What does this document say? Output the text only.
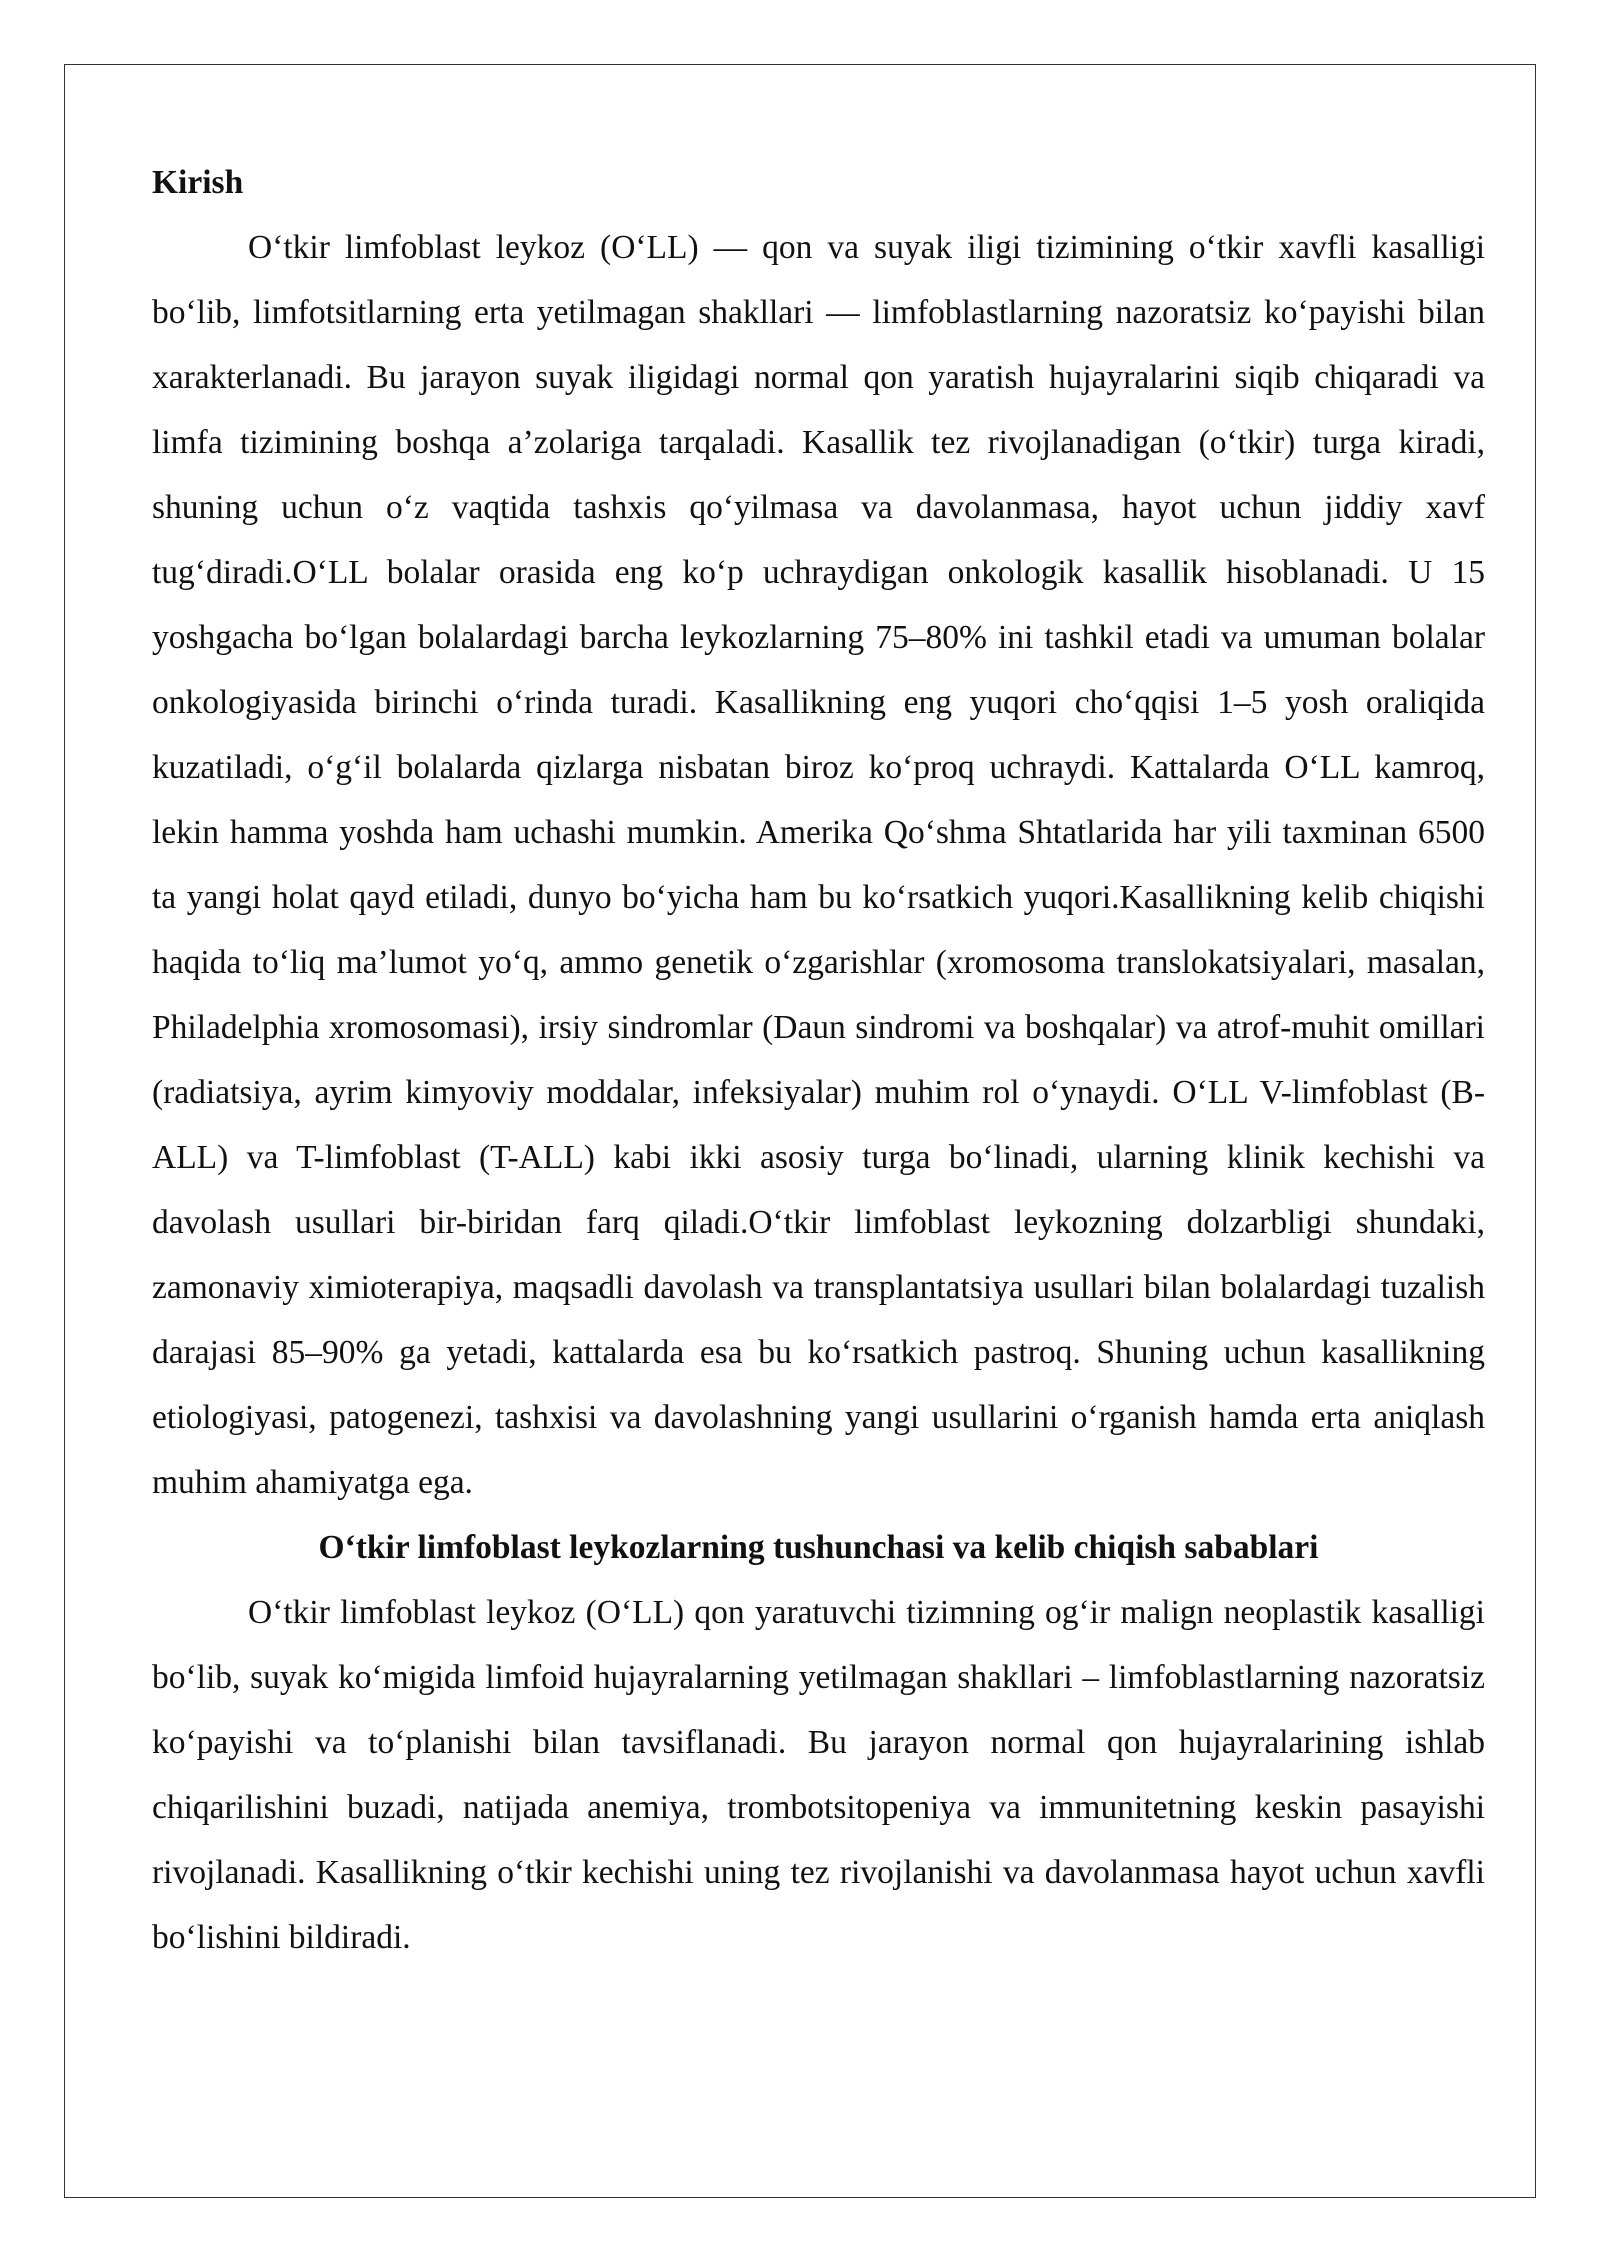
Kirish

O‘tkir limfoblast leykoz (O‘LL) — qon va suyak iligi tizimining o‘tkir xavfli kasalligi bo‘lib, limfotsitlarning erta yetilmagan shakllari — limfoblastlarning nazoratsiz ko‘payishi bilan xarakterlanadi. Bu jarayon suyak iligidagi normal qon yaratish hujayralarini siqib chiqaradi va limfa tizimining boshqa a’zolariga tarqaladi. Kasallik tez rivojlanadigan (o‘tkir) turga kiradi, shuning uchun o‘z vaqtida tashxis qo‘yilmasa va davolanmasa, hayot uchun jiddiy xavf tug‘diradi.O‘LL bolalar orasida eng ko‘p uchraydigan onkologik kasallik hisoblanadi. U 15 yoshgacha bo‘lgan bolalardagi barcha leykozlarning 75–80% ini tashkil etadi va umuman bolalar onkologiyasida birinchi o‘rinda turadi. Kasallikning eng yuqori cho‘qqisi 1–5 yosh oraliqida kuzatiladi, o‘g‘il bolalarda qizlarga nisbatan biroz ko‘proq uchraydi. Kattalarda O‘LL kamroq, lekin hamma yoshda ham uchashi mumkin. Amerika Qo‘shma Shtatlarida har yili taxminan 6500 ta yangi holat qayd etiladi, dunyo bo‘yicha ham bu ko‘rsatkich yuqori.Kasallikning kelib chiqishi haqida to‘liq ma’lumot yo‘q, ammo genetik o‘zgarishlar (xromosoma translokatsiyalari, masalan, Philadelphia xromosomasi), irsiy sindromlar (Daun sindromi va boshqalar) va atrof-muhit omillari (radiatsiya, ayrim kimyoviy moddalar, infeksiyalar) muhim rol o‘ynaydi. O‘LL V-limfoblast (B-ALL) va T-limfoblast (T-ALL) kabi ikki asosiy turga bo‘linadi, ularning klinik kechishi va davolash usullari bir-biridan farq qiladi.O‘tkir limfoblast leykozning dolzarbligi shundaki, zamonaviy ximioterapiya, maqsadli davolash va transplantatsiya usullari bilan bolalardagi tuzalish darajasi 85–90% ga yetadi, kattalarda esa bu ko‘rsatkich pastroq. Shuning uchun kasallikning etiologiyasi, patogenezi, tashxisi va davolashning yangi usullarini o‘rganish hamda erta aniqlash muhim ahamiyatga ega.

O‘tkir limfoblast leykozlarning tushunchasi va kelib chiqish sabablari

O‘tkir limfoblast leykoz (O‘LL) qon yaratuvchi tizimning og‘ir malign neoplastik kasalligi bo‘lib, suyak ko‘migida limfoid hujayralarning yetilmagan shakllari – limfoblastlarning nazoratsiz ko‘payishi va to‘planishi bilan tavsiflanadi. Bu jarayon normal qon hujayralarining ishlab chiqarilishini buzadi, natijada anemiya, trombotsitopeniya va immunitetning keskin pasayishi rivojlanadi. Kasallikning o‘tkir kechishi uning tez rivojlanishi va davolanmasa hayot uchun xavfli bo‘lishini bildiradi.
